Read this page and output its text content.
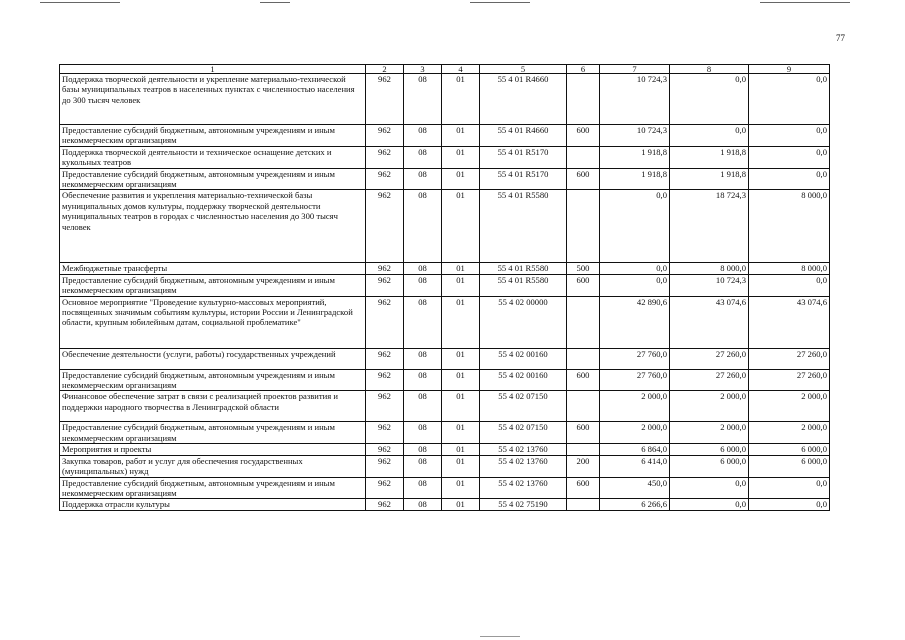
77
1	2	3	4	5	6	7	8	9
Поддержка творческой деятельности и укрепление материально-технической базы муниципальных театров в населенных пунктах с численностью населения до 300 тысяч человек	962	08	01	55 4 01 R4660		10 724,3	0,0	0,0
Предоставление субсидий бюджетным, автономным учреждениям и иным некоммерческим организациям	962	08	01	55 4 01 R4660	600	10 724,3	0,0	0,0
Поддержка творческой деятельности и техническое оснащение детских и кукольных театров	962	08	01	55 4 01 R5170		1 918,8	1 918,8	0,0
Предоставление субсидий бюджетным, автономным учреждениям и иным некоммерческим организациям	962	08	01	55 4 01 R5170	600	1 918,8	1 918,8	0,0
Обеспечение развития и укрепления материально-технической базы муниципальных домов культуры, поддержку творческой деятельности муниципальных театров в городах с численностью населения до 300 тысяч человек	962	08	01	55 4 01 R5580		0,0	18 724,3	8 000,0
Межбюджетные трансферты	962	08	01	55 4 01 R5580	500	0,0	8 000,0	8 000,0
Предоставление субсидий бюджетным, автономным учреждениям и иным некоммерческим организациям	962	08	01	55 4 01 R5580	600	0,0	10 724,3	0,0
Основное мероприятие "Проведение культурно-массовых мероприятий, посвященных значимым событиям культуры, истории России и Ленинградской области, крупным юбилейным датам, социальной проблематике"	962	08	01	55 4 02 00000		42 890,6	43 074,6	43 074,6
Обеспечение деятельности (услуги, работы) государственных учреждений	962	08	01	55 4 02 00160		27 760,0	27 260,0	27 260,0
Предоставление субсидий бюджетным, автономным учреждениям и иным некоммерческим организациям	962	08	01	55 4 02 00160	600	27 760,0	27 260,0	27 260,0
Финансовое обеспечение затрат в связи с реализацией проектов развития и поддержки народного творчества в Ленинградской области	962	08	01	55 4 02 07150		2 000,0	2 000,0	2 000,0
Предоставление субсидий бюджетным, автономным учреждениям и иным некоммерческим организациям	962	08	01	55 4 02 07150	600	2 000,0	2 000,0	2 000,0
Мероприятия и проекты	962	08	01	55 4 02 13760		6 864,0	6 000,0	6 000,0
Закупка товаров, работ и услуг для обеспечения государственных (муниципальных) нужд	962	08	01	55 4 02 13760	200	6 414,0	6 000,0	6 000,0
Предоставление субсидий бюджетным, автономным учреждениям и иным некоммерческим организациям	962	08	01	55 4 02 13760	600	450,0	0,0	0,0
Поддержка отрасли культуры	962	08	01	55 4 02 75190		6 266,6	0,0	0,0
